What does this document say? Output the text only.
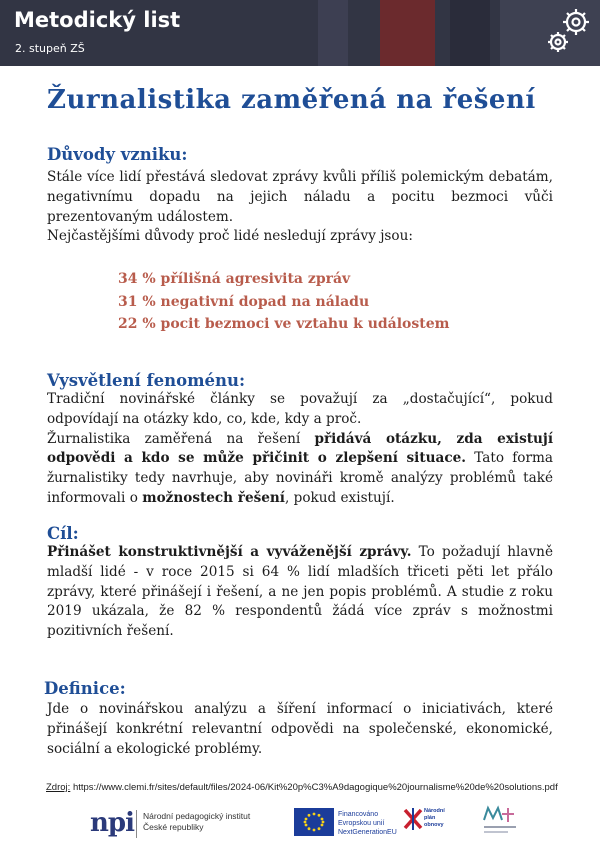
Metodický list
2. stupeň ZŠ
Žurnalistika zaměřená na řešení
Důvody vzniku:
Stále více lidí přestává sledovat zprávy kvůli příliš polemickým debatám, negativnímu dopadu na jejich náladu a pocitu bezmoci vůči prezentovaným událostem.
Nejčastějšími důvody proč lidé nesledují zprávy jsou:
34 % přílišná agresivita zpráv
31 % negativní dopad na náladu
22 % pocit bezmoci ve vztahu k událostem
Vysvětlení fenoménu:
Tradiční novinářské články se považují za „dostačující“, pokud odpovídají na otázky kdo, co, kde, kdy a proč.
Žurnalistika zaměřená na řešení přidává otázku, zda existují odpovědi a kdo se může přičinit o zlepšení situace. Tato forma žurnalistiky tedy navrhuje, aby novináři kromě analýzy problémů také informovali o možnostech řešení, pokud existují.
Cíl:
Přinášet konstruktivnější a vyváženější zprávy. To požadují hlavně mladší lidé - v roce 2015 si 64 % lidí mladších třiceti pěti let přálo zprávy, které přinášejí i řešení, a ne jen popis problémů. A studie z roku 2019 ukázala, že 82 % respondentů žádá více zpráv s možnostmi pozitivních řešení.
Definice:
Jde o novinářskou analýzu a šíření informací o iniciativách, které přinášejí konkrétní relevantní odpovědi na společenské, ekonomické, sociální a ekologické problémy.
Zdroj: https://www.clemi.fr/sites/default/files/2024-06/Kit%20p%C3%A9dagogique%20journalisme%20de%20solutions.pdf
npi Národní pedagogický institut
České republiky
Financováno
Evropskou unií
NextGenerationEU
Národní
plán
obnovy
